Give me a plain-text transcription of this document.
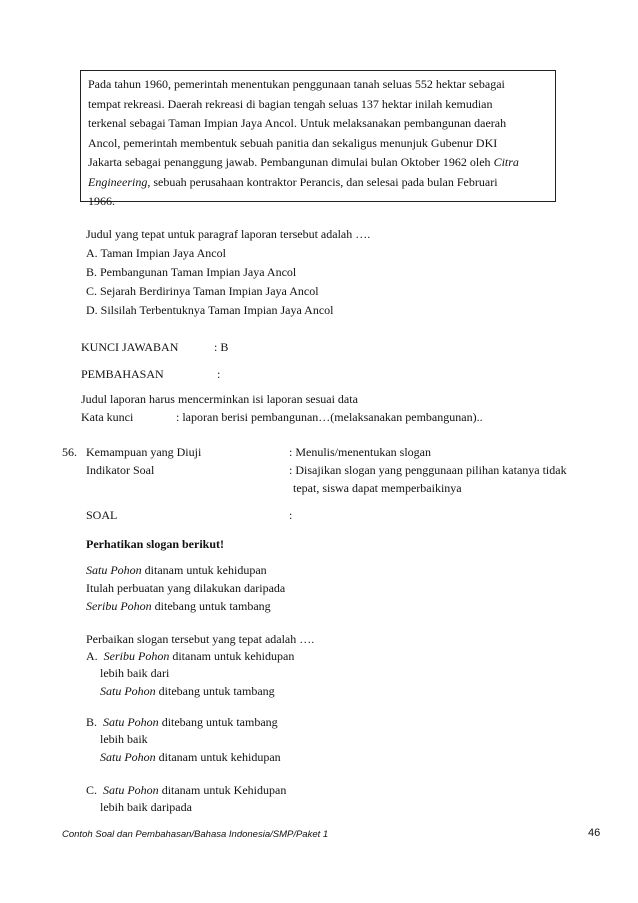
Pada tahun 1960, pemerintah menentukan penggunaan tanah seluas 552 hektar sebagai
tempat rekreasi. Daerah rekreasi di bagian tengah seluas 137 hektar inilah kemudian
terkenal sebagai Taman Impian Jaya Ancol. Untuk melaksanakan pembangunan daerah
Ancol, pemerintah membentuk sebuah panitia dan sekaligus menunjuk Gubenur DKI
Jakarta sebagai penanggung jawab. Pembangunan dimulai bulan Oktober 1962 oleh Citra
Engineering, sebuah perusahaan kontraktor Perancis, dan selesai pada bulan Februari
1966.
Judul yang tepat untuk paragraf laporan tersebut adalah ….
A. Taman Impian Jaya Ancol
B. Pembangunan Taman Impian Jaya Ancol
C. Sejarah Berdirinya Taman Impian Jaya Ancol
D. Silsilah Terbentuknya Taman Impian Jaya Ancol
KUNCI JAWABAN	: B
PEMBAHASAN	:
Judul laporan harus mencerminkan isi laporan sesuai data
Kata kunci	: laporan berisi pembangunan…(melaksanakan pembangunan)..
56. Kemampuan yang Diuji	: Menulis/menentukan slogan
Indikator Soal	: Disajikan slogan yang penggunaan pilihan katanya tidak
tepat, siswa dapat memperbaikinya
SOAL	:
Perhatikan slogan berikut!
Satu Pohon ditanam untuk kehidupan
Itulah perbuatan yang dilakukan daripada
Seribu Pohon ditebang untuk tambang
Perbaikan slogan tersebut yang tepat adalah ….
A.  Seribu Pohon ditanam untuk kehidupan
lebih baik dari
Satu Pohon ditebang untuk tambang
B.  Satu Pohon ditebang untuk tambang
lebih baik
Satu Pohon ditanam untuk kehidupan
C.  Satu Pohon ditanam untuk Kehidupan
lebih baik daripada
Contoh Soal dan Pembahasan/Bahasa Indonesia/SMP/Paket 1	46
